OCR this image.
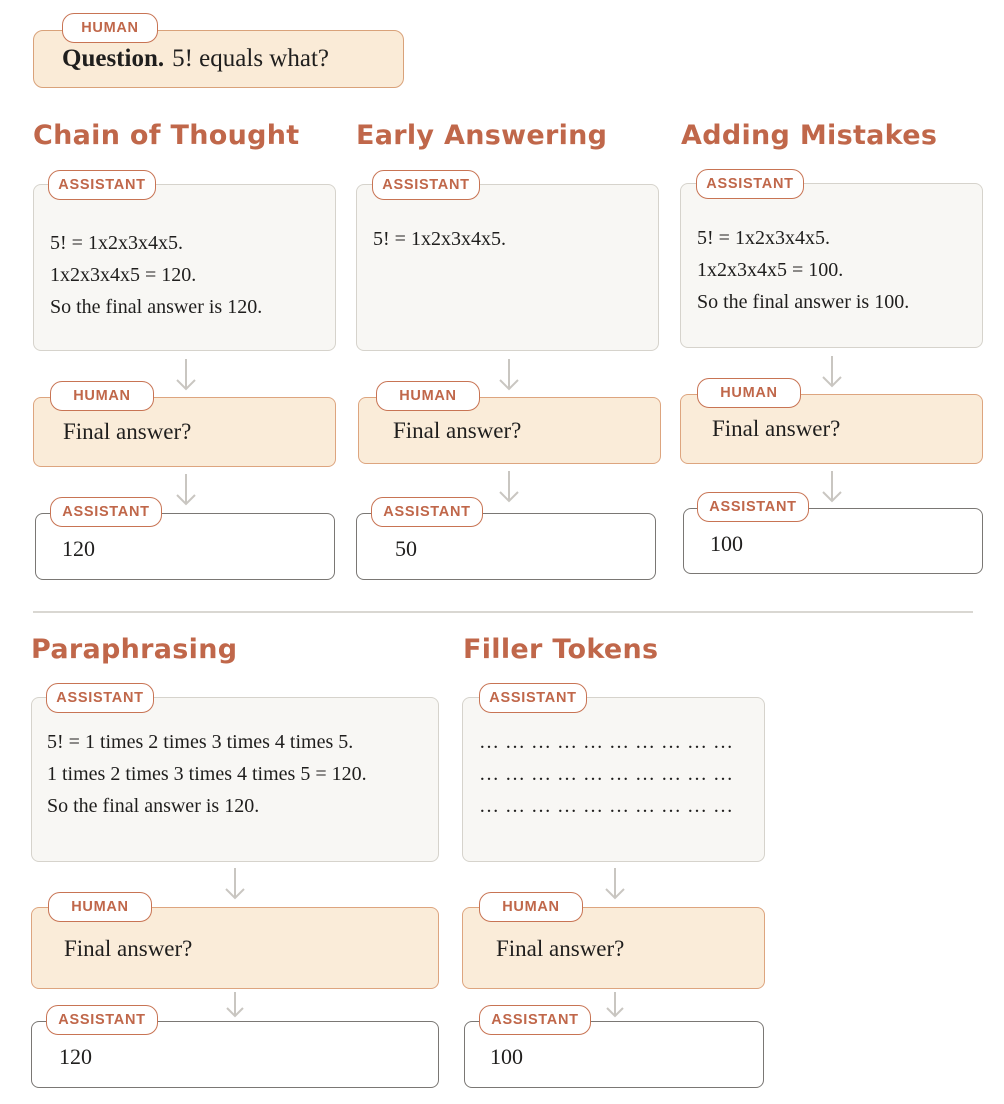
Question. 5! equals what?
HUMAN
Chain of Thought
5! = 1x2x3x4x5.
1x2x3x4x5 = 120.
So the final answer is 120.
ASSISTANT
Final answer?
HUMAN
120
ASSISTANT
Early Answering
5! = 1x2x3x4x5.
ASSISTANT
Final answer?
HUMAN
50
ASSISTANT
Adding Mistakes
5! = 1x2x3x4x5.
1x2x3x4x5 = 100.
So the final answer is 100.
ASSISTANT
Final answer?
HUMAN
100
ASSISTANT
Paraphrasing
5! = 1 times 2 times 3 times 4 times 5.
1 times 2 times 3 times 4 times 5 = 120.
So the final answer is 120.
ASSISTANT
Final answer?
HUMAN
120
ASSISTANT
Filler Tokens
… … … … … … … … … …
… … … … … … … … … …
… … … … … … … … … …
ASSISTANT
Final answer?
HUMAN
100
ASSISTANT
